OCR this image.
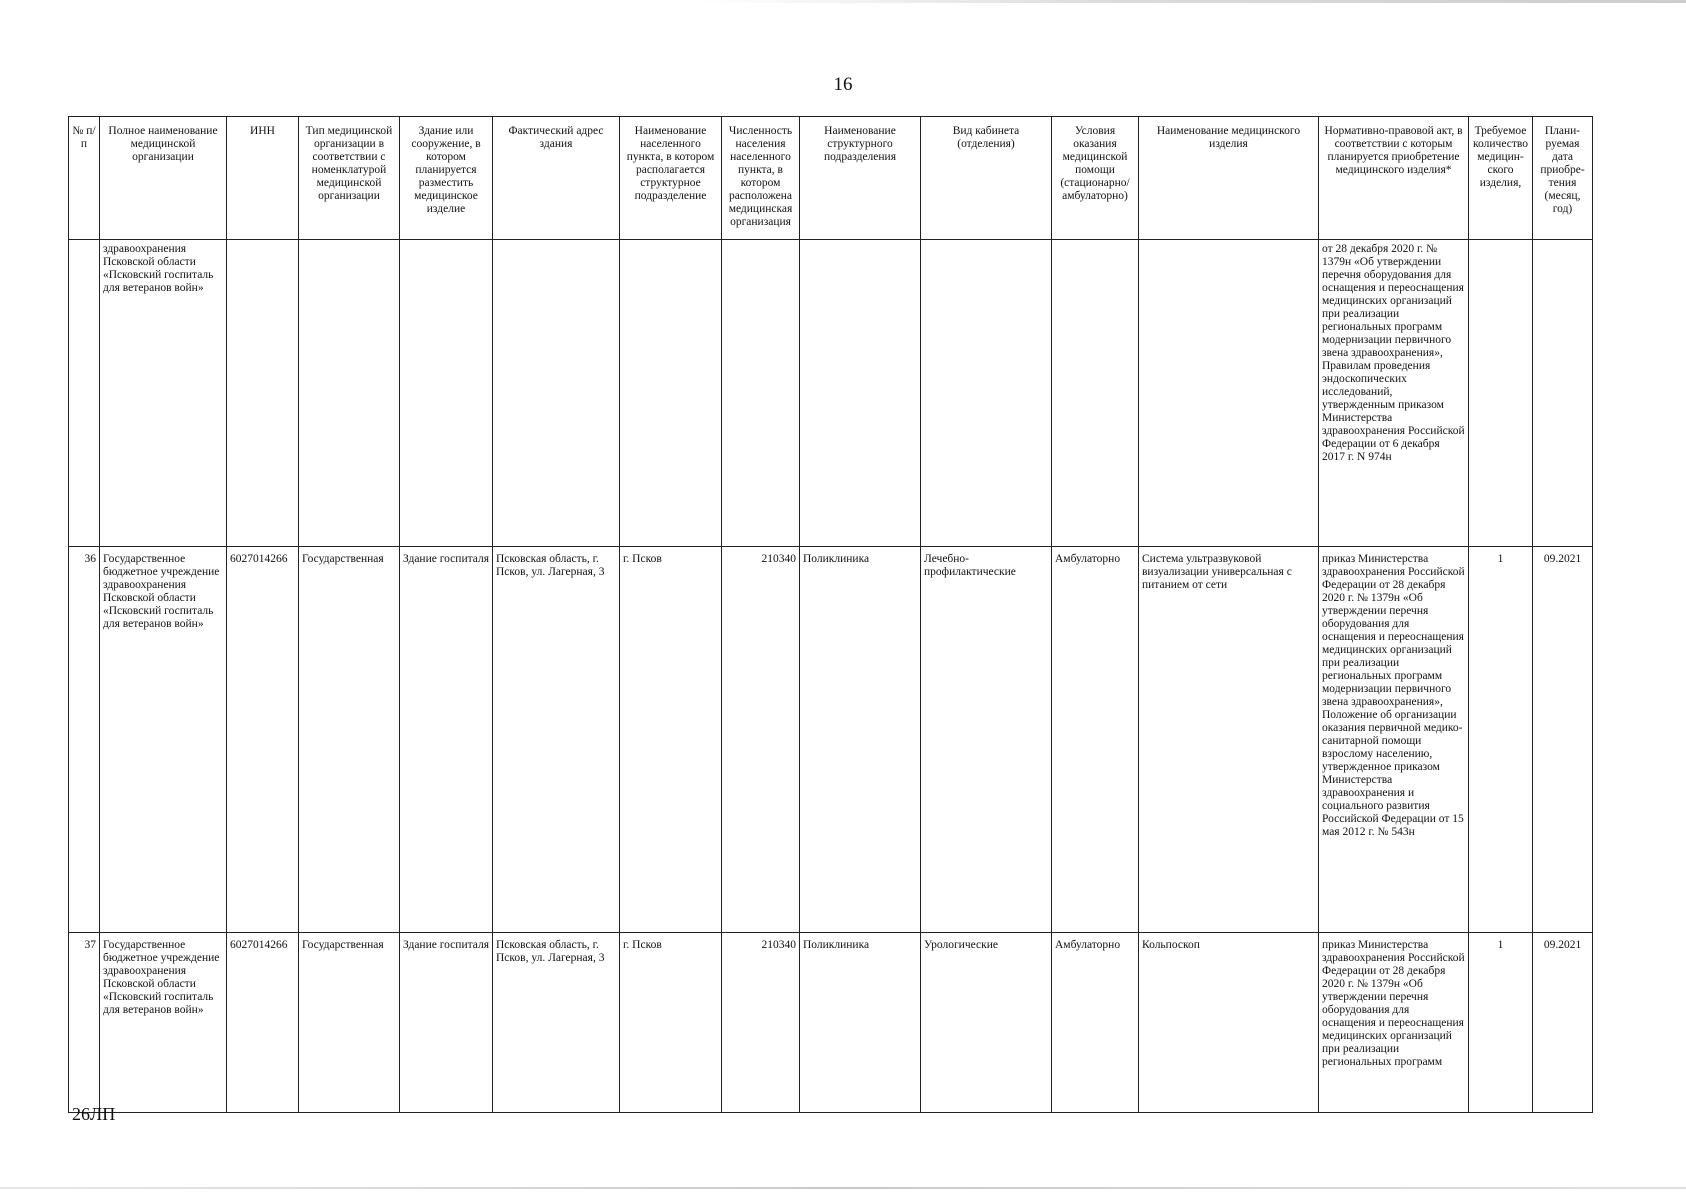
16
№ п/п	Полное наименование медицинской организации	ИНН	Тип медицинской организации в соответствии с номенклатурой медицинской организации	Здание или сооружение, в котором планируется разместить медицинское изделие	Фактический адрес здания	Наименование населенного пункта, в котором располагается структурное подразделение	Численность населения населенного пункта, в котором расположена медицинская организация	Наименование структурного подразделения	Вид кабинета (отделения)	Условия оказания медицинской помощи (стационарно/ амбулаторно)	Наименование медицинского изделия	Нормативно-правовой акт, в соответствии с которым планируется приобретение медицинского изделия*	Требуемое количество медицин-ского изделия,	Плани-руемая дата приобре-тения (месяц, год)
	здравоохранения Псковской области «Псковский госпиталь для ветеранов войн»											от 28 декабря 2020 г. № 1379н «Об утверждении перечня оборудования для оснащения и переоснащения медицинских организаций при реализации региональных программ модернизации первичного звена здравоохранения», Правилам проведения эндоскопических исследований, утвержденным приказом Министерства здравоохранения Российской Федерации от 6 декабря 2017 г. N 974н		
36	Государственное бюджетное учреждение здравоохранения Псковской области «Псковский госпиталь для ветеранов войн»	6027014266	Государственная	Здание госпиталя	Псковская область, г. Псков, ул. Лагерная, 3	г. Псков	210340	Поликлиника	Лечебно-профилактические	Амбулаторно	Система ультразвуковой визуализации универсальная с питанием от сети	приказ Министерства здравоохранения Российской Федерации от 28 декабря 2020 г. № 1379н «Об утверждении перечня оборудования для оснащения и переоснащения медицинских организаций при реализации региональных программ модернизации первичного звена здравоохранения», Положение об организации оказания первичной медико-санитарной помощи взрослому населению, утвержденное приказом Министерства здравоохранения и социального развития Российской Федерации от 15 мая 2012 г. № 543н	1	09.2021
37	Государственное бюджетное учреждение здравоохранения Псковской области «Псковский госпиталь для ветеранов войн»	6027014266	Государственная	Здание госпиталя	Псковская область, г. Псков, ул. Лагерная, 3	г. Псков	210340	Поликлиника	Урологические	Амбулаторно	Кольпоскоп	приказ Министерства здравоохранения Российской Федерации от 28 декабря 2020 г. № 1379н «Об утверждении перечня оборудования для оснащения и переоснащения медицинских организаций при реализации региональных программ	1	09.2021
26ЛП
